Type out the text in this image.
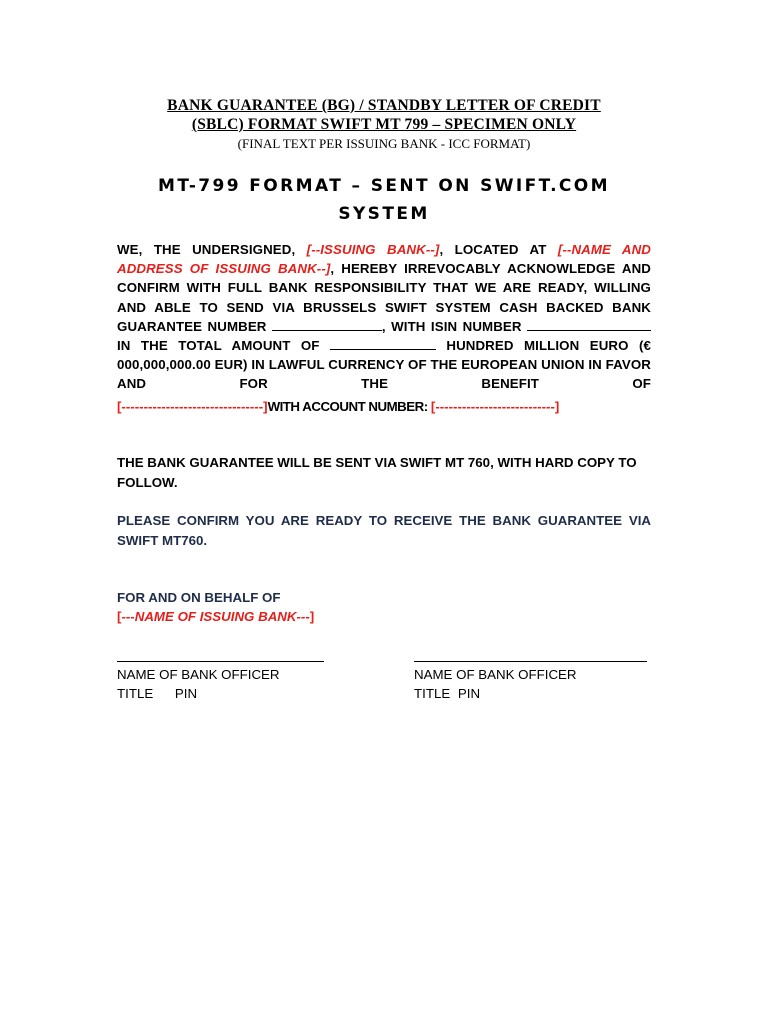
BANK GUARANTEE (BG) / STANDBY LETTER OF CREDIT
(SBLC) FORMAT SWIFT MT 799 – SPECIMEN ONLY
(FINAL TEXT PER ISSUING BANK - ICC FORMAT)
MT-799 FORMAT – SENT ON SWIFT.COM
SYSTEM
WE, THE UNDERSIGNED, [--ISSUING BANK--], LOCATED AT [--NAME AND ADDRESS OF ISSUING BANK--], HEREBY IRREVOCABLY ACKNOWLEDGE AND CONFIRM WITH FULL BANK RESPONSIBILITY THAT WE ARE READY, WILLING AND ABLE TO SEND VIA BRUSSELS SWIFT SYSTEM CASH BACKED BANK GUARANTEE NUMBER	, WITH ISIN NUMBER  IN THE TOTAL AMOUNT OF	HUNDRED MILLION EURO (€ 000,000,000.00 EUR) IN LAWFUL CURRENCY OF THE EUROPEAN UNION IN FAVOR AND FOR THE BENEFIT OF
[--------------------------------]WITH ACCOUNT NUMBER: [---------------------------]
THE BANK GUARANTEE WILL BE SENT VIA SWIFT MT 760, WITH HARD COPY TO FOLLOW.
PLEASE CONFIRM YOU ARE READY TO RECEIVE THE BANK GUARANTEE VIA SWIFT MT760.
FOR AND ON BEHALF OF
[---NAME OF ISSUING BANK---]
NAME OF BANK OFFICER
TITLE PIN
NAME OF BANK OFFICER
TITLE PIN
